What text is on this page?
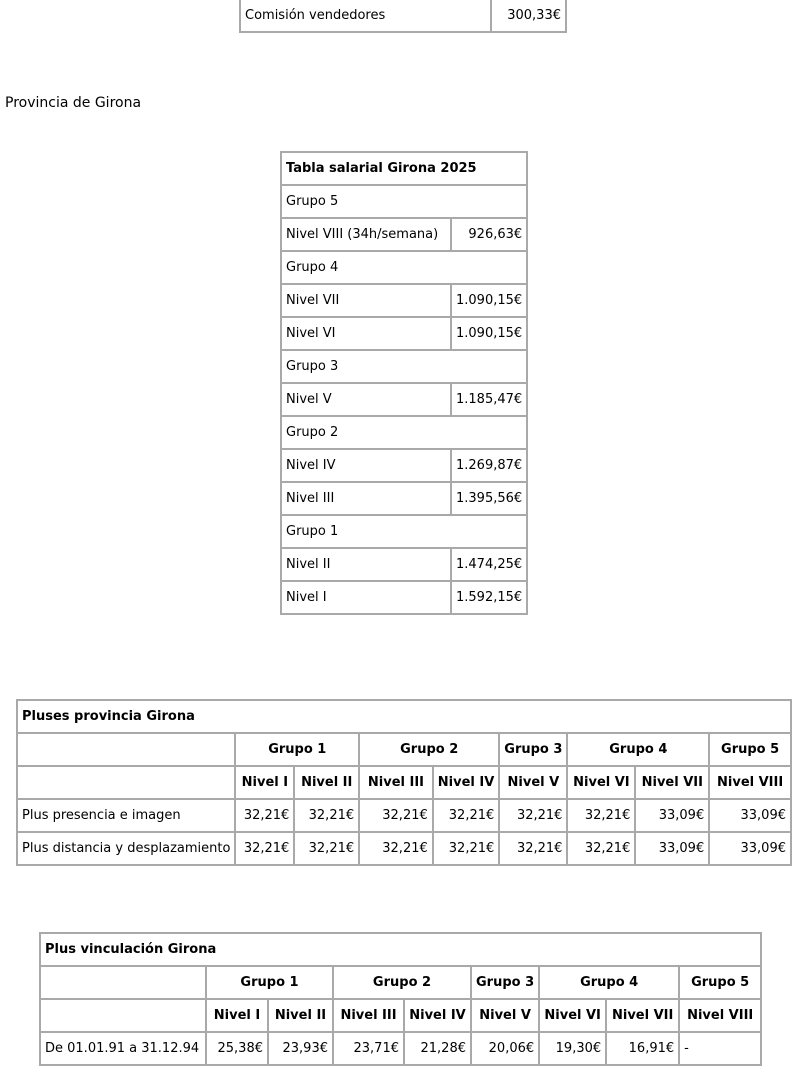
Comisión vendedores	300,33€
Provincia de Girona
Tabla salarial Girona 2025	
Grupo 5	
Nivel VIII (34h/semana)	926,63€
Grupo 4	
Nivel VII	1.090,15€
Nivel VI	1.090,15€
Grupo 3	
Nivel V	1.185,47€
Grupo 2	
Nivel IV	1.269,87€
Nivel III	1.395,56€
Grupo 1	
Nivel II	1.474,25€
Nivel I	1.592,15€
Pluses provincia Girona								
	Grupo 1		Grupo 2		Grupo 3	Grupo 4		Grupo 5
	Nivel I	Nivel II	Nivel III	Nivel IV	Nivel V	Nivel VI	Nivel VII	Nivel VIII
Plus presencia e imagen	32,21€	32,21€	32,21€	32,21€	32,21€	32,21€	33,09€	33,09€
Plus distancia y desplazamiento	32,21€	32,21€	32,21€	32,21€	32,21€	32,21€	33,09€	33,09€
Plus vinculación Girona								
	Grupo 1		Grupo 2		Grupo 3	Grupo 4		Grupo 5
	Nivel I	Nivel II	Nivel III	Nivel IV	Nivel V	Nivel VI	Nivel VII	Nivel VIII
De 01.01.91 a 31.12.94	25,38€	23,93€	23,71€	21,28€	20,06€	19,30€	16,91€	-
